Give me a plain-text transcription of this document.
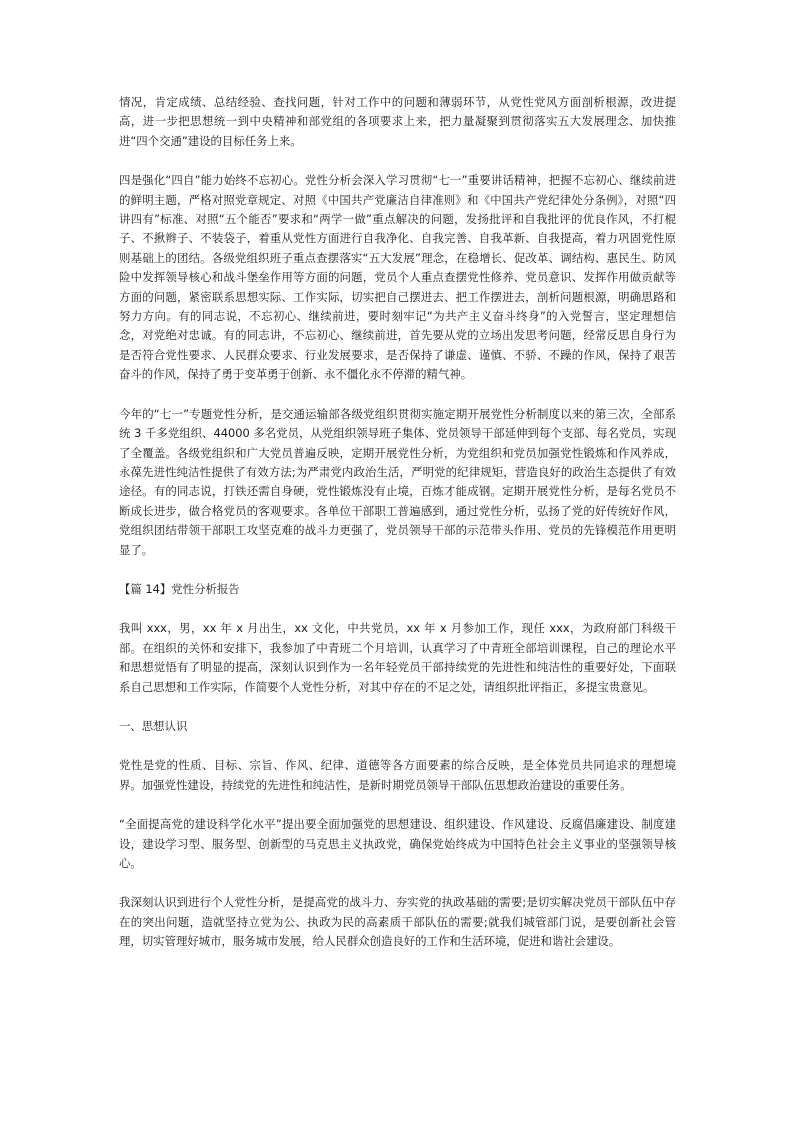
情况，肯定成绩、总结经验、查找问题，针对工作中的问题和薄弱环节，从党性党风方面剖析根源，改进提高，进一步把思想统一到中央精神和部党组的各项要求上来，把力量凝聚到贯彻落实五大发展理念、加快推进“四个交通”建设的目标任务上来。

四是强化“四自”能力始终不忘初心。党性分析会深入学习贯彻“七一”重要讲话精神，把握不忘初心、继续前进的鲜明主题，严格对照党章规定、对照《中国共产党廉洁自律准则》和《中国共产党纪律处分条例》，对照“四讲四有”标准、对照“五个能否”要求和“两学一做”重点解决的问题，发扬批评和自我批评的优良作风，不打棍子、不揪辫子、不装袋子，着重从党性方面进行自我净化、自我完善、自我革新、自我提高，着力巩固党性原则基础上的团结。各级党组织班子重点查摆落实“五大发展”理念，在稳增长、促改革、调结构、惠民生、防风险中发挥领导核心和战斗堡垒作用等方面的问题，党员个人重点查摆党性修养、党员意识、发挥作用做贡献等方面的问题，紧密联系思想实际、工作实际，切实把自己摆进去、把工作摆进去，剖析问题根源，明确思路和努力方向。有的同志说，不忘初心、继续前进，要时刻牢记“为共产主义奋斗终身”的入党誓言，坚定理想信念，对党绝对忠诚。有的同志讲，不忘初心、继续前进，首先要从党的立场出发思考问题，经常反思自身行为是否符合党性要求、人民群众要求、行业发展要求，是否保持了谦虚、谨慎、不骄、不躁的作风，保持了艰苦奋斗的作风，保持了勇于变革勇于创新、永不僵化永不停滞的精气神。

今年的“七一”专题党性分析，是交通运输部各级党组织贯彻实施定期开展党性分析制度以来的第三次，全部系统 3 千多党组织、44000 多名党员，从党组织领导班子集体、党员领导干部延伸到每个支部、每名党员，实现了全覆盖。各级党组织和广大党员普遍反映，定期开展党性分析，为党组织和党员加强党性锻炼和作风养成，永葆先进性纯洁性提供了有效方法;为严肃党内政治生活，严明党的纪律规矩，营造良好的政治生态提供了有效途径。有的同志说，打铁还需自身硬，党性锻炼没有止境，百炼才能成钢。定期开展党性分析，是每名党员不断成长进步，做合格党员的客观要求。各单位干部职工普遍感到，通过党性分析，弘扬了党的好传统好作风，党组织团结带领干部职工攻坚克难的战斗力更强了，党员领导干部的示范带头作用、党员的先锋模范作用更明显了。

【篇 14】党性分析报告

我叫 xxx，男，xx 年 x 月出生，xx 文化，中共党员，xx 年 x 月参加工作，现任 xxx，为政府部门科级干部。在组织的关怀和安排下，我参加了中青班二个月培训，认真学习了中青班全部培训课程，自己的理论水平和思想觉悟有了明显的提高，深刻认识到作为一名年轻党员干部持续党的先进性和纯洁性的重要好处，下面联系自己思想和工作实际，作简要个人党性分析，对其中存在的不足之处，请组织批评指正，多提宝贵意见。

一、思想认识

党性是党的性质、目标、宗旨、作风、纪律、道德等各方面要素的综合反映，是全体党员共同追求的理想境界。加强党性建设，持续党的先进性和纯洁性，是新时期党员领导干部队伍思想政治建设的重要任务。

“全面提高党的建设科学化水平”提出要全面加强党的思想建设、组织建设、作风建设、反腐倡廉建设、制度建设，建设学习型、服务型、创新型的马克思主义执政党，确保党始终成为中国特色社会主义事业的坚强领导核心。

我深刻认识到进行个人党性分析，是提高党的战斗力、夯实党的执政基础的需要;是切实解决党员干部队伍中存在的突出问题，造就坚持立党为公、执政为民的高素质干部队伍的需要;就我们城管部门说，是要创新社会管理，切实管理好城市，服务城市发展，给人民群众创造良好的工作和生活环境，促进和谐社会建设。
